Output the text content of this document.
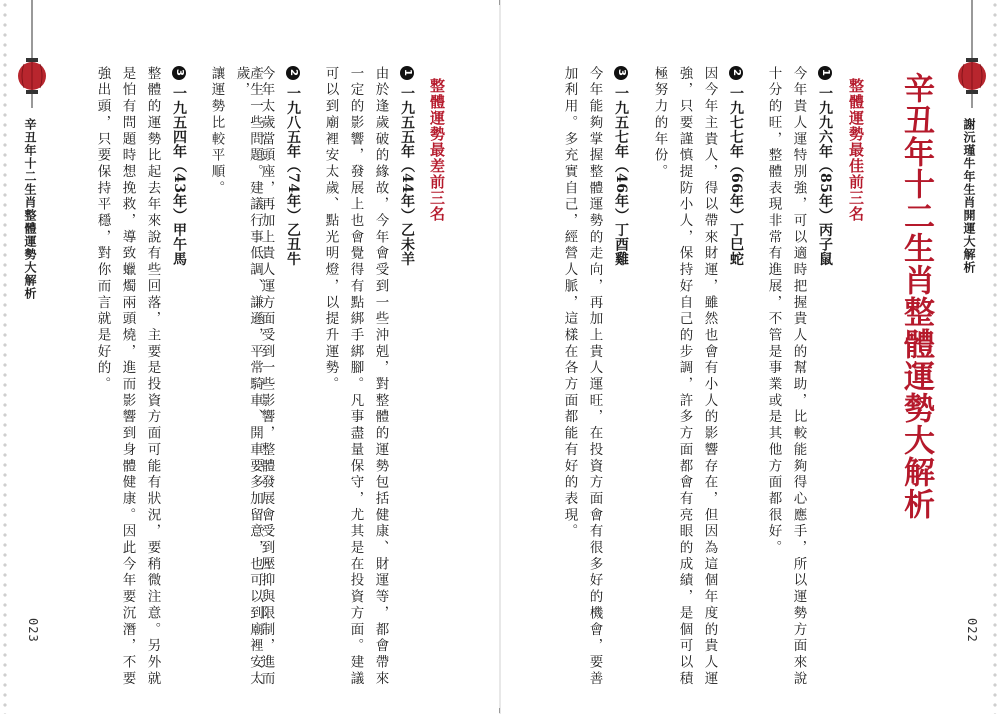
辛丑年十二生肖整體運勢大解析
023
整體運勢最差前三名
1一九五五年（44年）乙未羊
由於逢歲破的緣故，今年會受到一些沖剋，對整體的運勢包括健康、財運等，都會帶來
一定的影響，發展上也會覺得有點綁手綁腳。凡事盡量保守，尤其是在投資方面。建議
可以到廟裡安太歲、點光明燈，以提升運勢。
2一九八五年（74年）乙丑牛
今年太歲當頭座，再加上貴人運方面受到一些影響，整體發展會受到壓抑與限制，進而
產生一些問題。建議行事低調、謙遜，平常騎車、開車要多加留意，也可以到廟裡安太歲，
讓運勢比較平順。
3一九五四年（43年）甲午馬
整體的運勢比起去年來說有些回落，主要是投資方面可能有狀況，要稍微注意。另外就
是怕有問題時想挽救，導致蠟燭兩頭燒，進而影響到身體健康。因此今年要沉潛，不要
強出頭，只要保持平穩，對你而言就是好的。	謝沅瑾牛年生肖開運大解析
022
辛丑年十二生肖整體運勢大解析
整體運勢最佳前三名
1一九九六年（85年）丙子鼠
今年貴人運特別強，可以適時把握貴人的幫助，比較能夠得心應手，所以運勢方面來說
十分的旺，整體表現非常有進展，不管是事業或是其他方面都很好。
2一九七七年（66年）丁巳蛇
因今年主貴人，得以帶來財運，雖然也會有小人的影響存在，但因為這個年度的貴人運
強，只要謹慎提防小人，保持好自己的步調，許多方面都會有亮眼的成績，是個可以積
極努力的年份。
3一九五七年（46年）丁酉雞
今年能夠掌握整體運勢的走向，再加上貴人運旺，在投資方面會有很多好的機會，要善
加利用。多充實自己，經營人脈，這樣在各方面都能有好的表現。
